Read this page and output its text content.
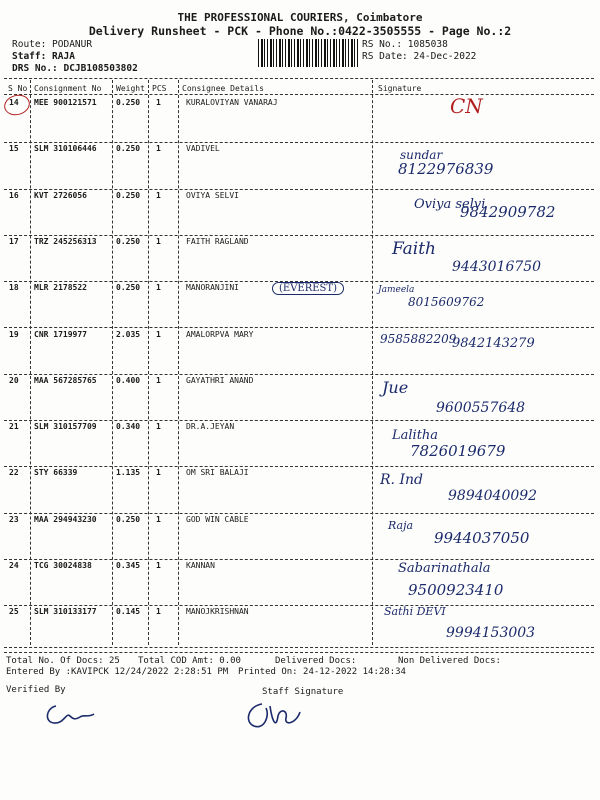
THE PROFESSIONAL COURIERS, Coimbatore
Delivery Runsheet - PCK - Phone No.:0422-3505555 - Page No.:2
Route: PODANUR
Staff: RAJA
DRS No.: DCJB108503802
RS No.: 1085038
RS Date: 24-Dec-2022
S No Consignment No Weight PCS Consignee Details	Signature
14 MEE 900121571 0.250 1	KURALOVIYAN VANARAJ	CN
15 SLM 310106446 0.250 1	VADIVEL	sundar
8122976839
16 KVT 2726056	0.250 1	OVIYA SELVI
Oviya selvi
9842909782
17 TRZ 245256313 0.250 1	FAITH RAGLAND	Faith
9443016750
18 MLR 2178522	0.250 1	MANORANJINI	Jameela
8015609762
19 CNR 1719977	2.035 1	AMALORPVA MARY	9585882209
9842143279
20 MAA 567285765 0.400 1	GAYATHRI ANAND	Jue
9600557648
21 SLM 310157709 0.340 1	DR.A.JEYAN
Lalitha
7826019679
22 STY 66339	1.135 1	OM SRI BALAJI	R. Ind
9894040092
23 MAA 294943230 0.250 1	GOD WIN CABLE	Raja
9944037050
24 TCG 30024838	0.345 1	KANNAN	Sabarinathala
9500923410
25 SLM 310133177 0.145 1	MANOJKRISHNAN	Sathi DEVI
9994153003
(EVEREST)
Total No. Of Docs: 25 Total COD Amt: 0.00	Delivered Docs:	Non Delivered Docs:
Entered By :KAVIPCK 12/24/2022 2:28:51 PM Printed On: 24-12-2022 14:28:34
Verified By	Staff Signature
